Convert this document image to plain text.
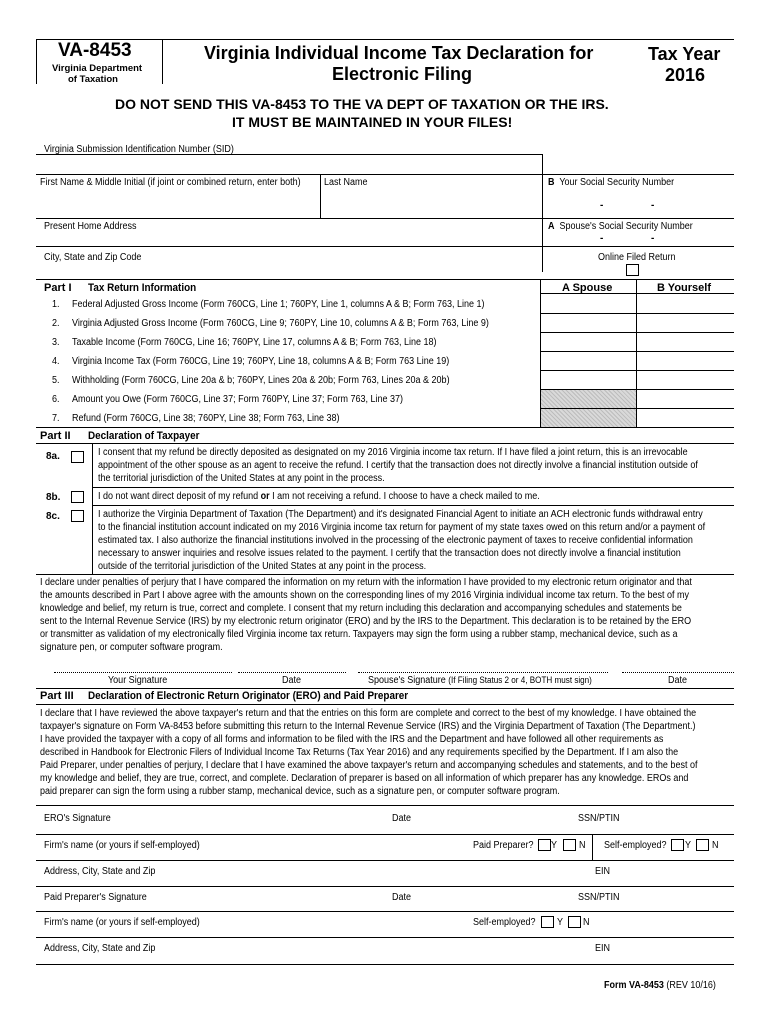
VA-8453
Virginia Department
of Taxation
Virginia Individual Income Tax Declaration for
Electronic Filing
Tax Year
2016
DO NOT SEND THIS VA-8453 TO THE VA DEPT OF TAXATION OR THE IRS.
IT MUST BE MAINTAINED IN YOUR FILES!
Virginia Submission Identification Number (SID)
First Name & Middle Initial (if joint or combined return, enter both) Last Name	B Your Social Security Number
-	-
Present Home Address	A Spouse's Social Security Number
-	-
City, State and Zip Code	Online Filed Return
Part I Tax Return Information	A Spouse	B Yourself
1. Federal Adjusted Gross Income (Form 760CG, Line 1; 760PY, Line 1, columns A & B; Form 763, Line 1)
2. Virginia Adjusted Gross Income (Form 760CG, Line 9; 760PY, Line 10, columns A & B; Form 763, Line 9)
3. Taxable Income (Form 760CG, Line 16; 760PY, Line 17, columns A & B; Form 763, Line 18)
4. Virginia Income Tax (Form 760CG, Line 19; 760PY, Line 18, columns A & B; Form 763 Line 19)
5. Withholding (Form 760CG, Line 20a & b; 760PY, Lines 20a & 20b; Form 763, Lines 20a & 20b)
6. Amount you Owe (Form 760CG, Line 37; Form 760PY, Line 37; Form 763, Line 37)
7. Refund (Form 760CG, Line 38; 760PY, Line 38; Form 763, Line 38)
Part II Declaration of Taxpayer
8a.	I consent that my refund be directly deposited as designated on my 2016 Virginia income tax return. If I have filed a joint return, this is an irrevocable
appointment of the other spouse as an agent to receive the refund. I certify that the transaction does not directly involve a financial institution outside of
the territorial jurisdiction of the United States at any point in the process.
8b.	I do not want direct deposit of my refund or I am not receiving a refund. I choose to have a check mailed to me.
8c.	I authorize the Virginia Department of Taxation (The Department) and it's designated Financial Agent to initiate an ACH electronic funds withdrawal entry
to the financial institution account indicated on my 2016 Virginia income tax return for payment of my state taxes owed on this return and/or a payment of
estimated tax. I also authorize the financial institutions involved in the processing of the electronic payment of taxes to receive confidential information
necessary to answer inquiries and resolve issues related to the payment. I certify that the transaction does not directly involve a financial institution
outside of the territorial jurisdiction of the United States at any point in the process.
I declare under penalties of perjury that I have compared the information on my return with the information I have provided to my electronic return originator and that
the amounts described in Part I above agree with the amounts shown on the corresponding lines of my 2016 Virginia individual income tax return. To the best of my
knowledge and belief, my return is true, correct and complete. I consent that my return including this declaration and accompanying schedules and statements be
sent to the Internal Revenue Service (IRS) by my electronic return originator (ERO) and by the IRS to the Department. This declaration is to be retained by the ERO
or transmitter as validation of my electronically filed Virginia income tax return. Taxpayers may sign the form using a rubber stamp, mechanical device, such as a
signature pen, or computer software program.
Your Signature	Date	Spouse's Signature (If Filing Status 2 or 4, BOTH must sign)	Date
Part III Declaration of Electronic Return Originator (ERO) and Paid Preparer
I declare that I have reviewed the above taxpayer's return and that the entries on this form are complete and correct to the best of my knowledge. I have obtained the
taxpayer's signature on Form VA-8453 before submitting this return to the Internal Revenue Service (IRS) and the Virginia Department of Taxation (The Department.)
I have provided the taxpayer with a copy of all forms and information to be filed with the IRS and the Department and have followed all other requirements as
described in Handbook for Electronic Filers of Individual Income Tax Returns (Tax Year 2016) and any requirements specified by the Department. If I am also the
Paid Preparer, under penalties of perjury, I declare that I have examined the above taxpayer's return and accompanying schedules and statements, and to the best of
my knowledge and belief, they are true, correct, and complete. Declaration of preparer is based on all information of which preparer has any knowledge. EROs and
paid preparer can sign the form using a rubber stamp, mechanical device, such as a signature pen, or computer software program.
ERO's Signature	Date	SSN/PTIN
Firm's name (or yours if self-employed)	Paid Preparer? Y N Self-employed? Y N
Address, City, State and Zip	EIN
Paid Preparer's Signature	Date	SSN/PTIN
Firm's name (or yours if self-employed)	Self-employed? Y N
Address, City, State and Zip	EIN
Form VA-8453 (REV 10/16)
